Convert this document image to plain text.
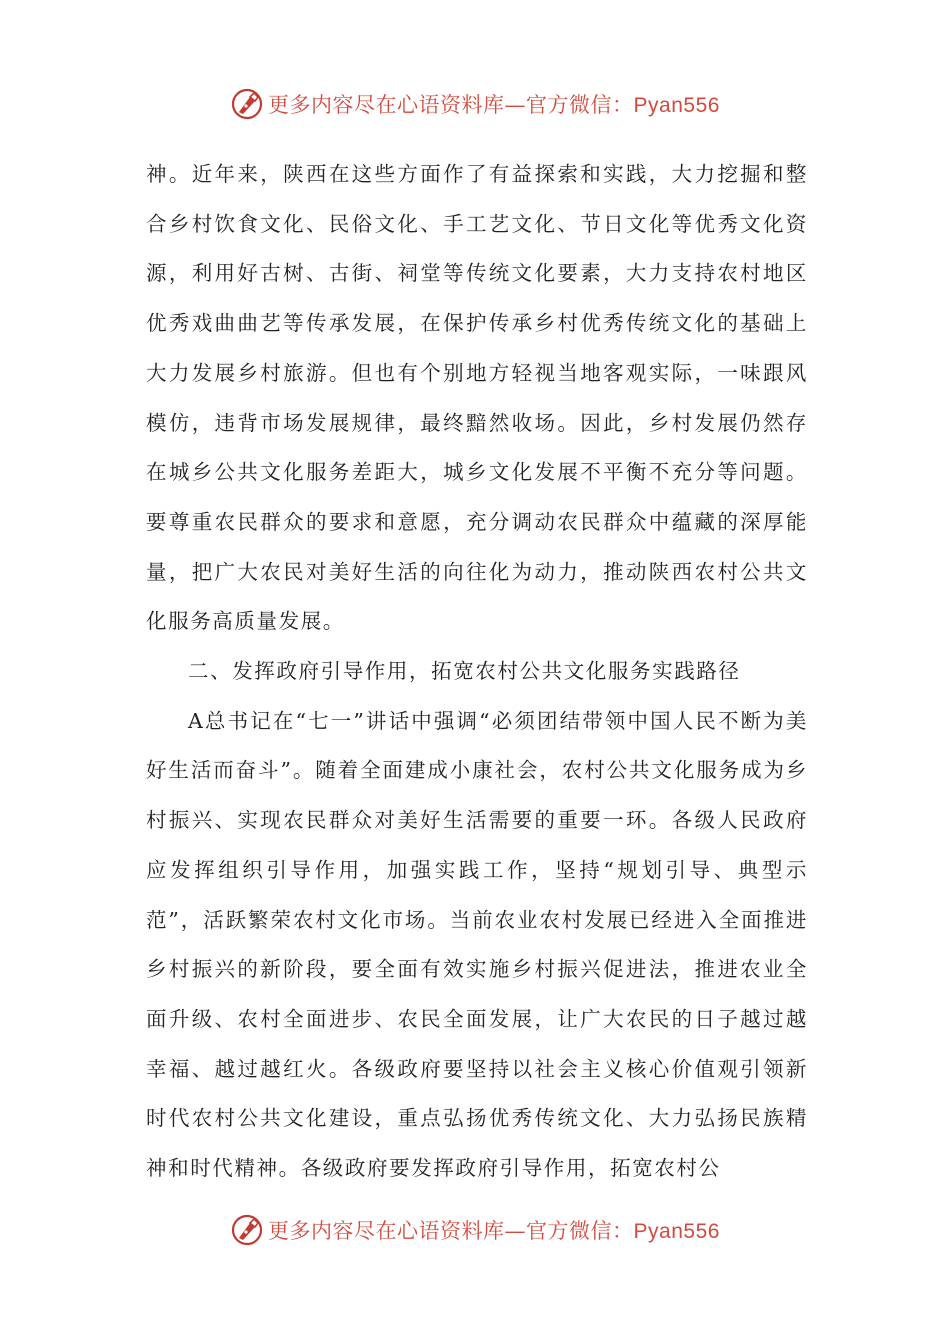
更多内容尽在心语资料库—官方微信：Pyan556

神。近年来，陕西在这些方面作了有益探索和实践，大力挖掘和整合乡村饮食文化、民俗文化、手工艺文化、节日文化等优秀文化资源，利用好古树、古街、祠堂等传统文化要素，大力支持农村地区优秀戏曲曲艺等传承发展，在保护传承乡村优秀传统文化的基础上大力发展乡村旅游。但也有个别地方轻视当地客观实际，一味跟风模仿，违背市场发展规律，最终黯然收场。因此，乡村发展仍然存在城乡公共文化服务差距大，城乡文化发展不平衡不充分等问题。要尊重农民群众的要求和意愿，充分调动农民群众中蕴藏的深厚能量，把广大农民对美好生活的向往化为动力，推动陕西农村公共文化服务高质量发展。

二、发挥政府引导作用，拓宽农村公共文化服务实践路径

A总书记在“七一”讲话中强调“必须团结带领中国人民不断为美好生活而奋斗”。随着全面建成小康社会，农村公共文化服务成为乡村振兴、实现农民群众对美好生活需要的重要一环。各级人民政府应发挥组织引导作用，加强实践工作，坚持“规划引导、典型示范”，活跃繁荣农村文化市场。当前农业农村发展已经进入全面推进乡村振兴的新阶段，要全面有效实施乡村振兴促进法，推进农业全面升级、农村全面进步、农民全面发展，让广大农民的日子越过越幸福、越过越红火。各级政府要坚持以社会主义核心价值观引领新时代农村公共文化建设，重点弘扬优秀传统文化、大力弘扬民族精神和时代精神。各级政府要发挥政府引导作用，拓宽农村公

更多内容尽在心语资料库—官方微信：Pyan556
